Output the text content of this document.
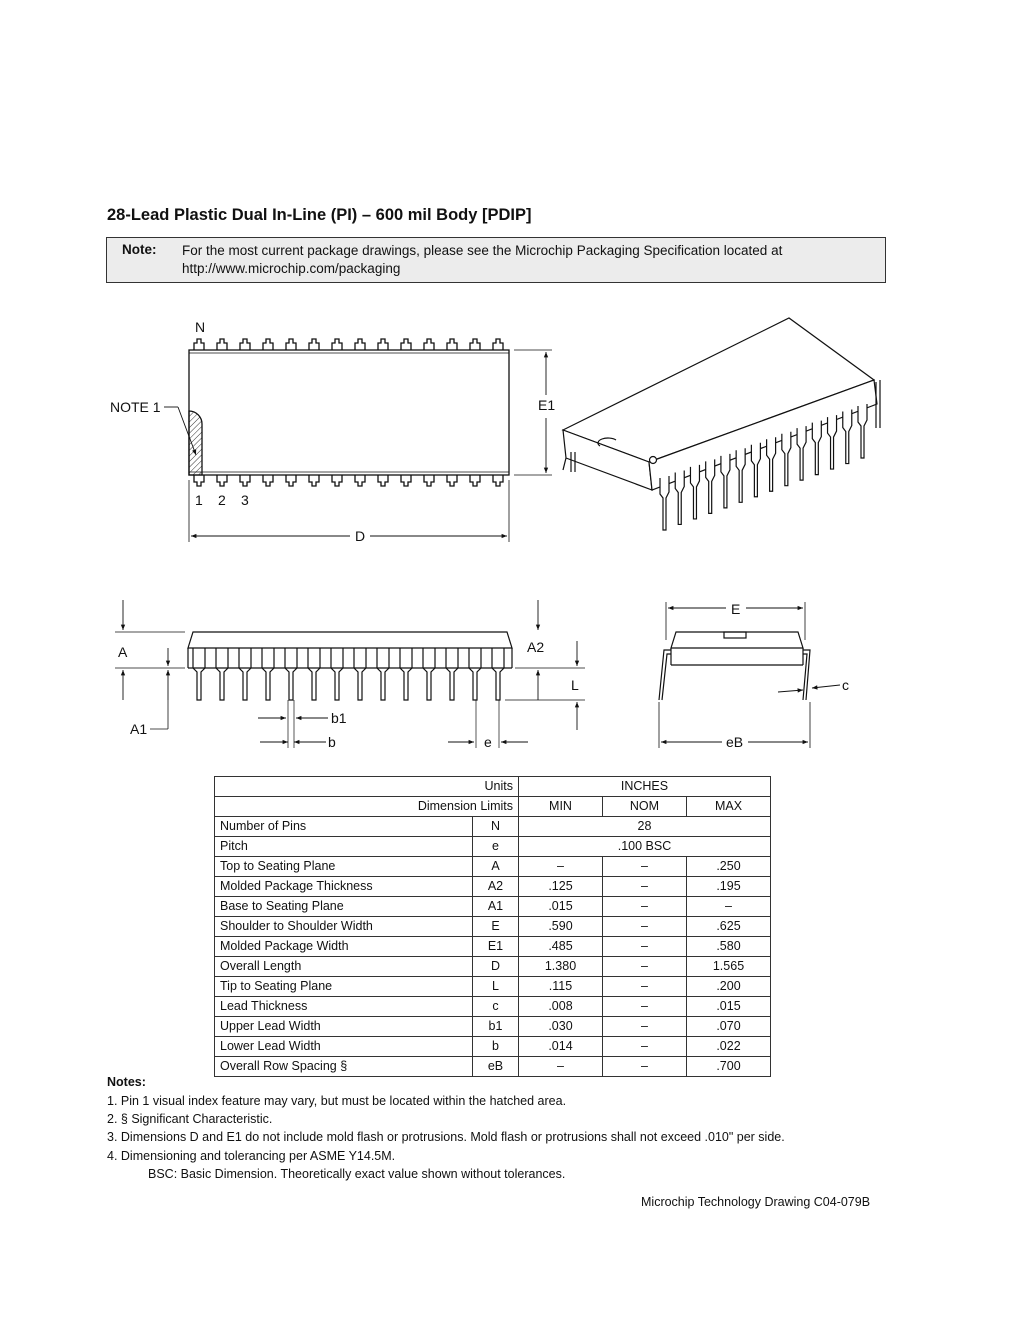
28-Lead Plastic Dual In-Line (PI) – 600 mil Body [PDIP]
Note: For the most current package drawings, please see the Microchip Packaging Specification located at
http://www.microchip.com/packaging
N
NOTE 1	E1
1 2 3
D
A
A1
A2
L
b1
b	e
E
c
eB
Units		INCHES		
Dimension Limits		MIN	NOM	MAX
Number of Pins	N	28		
Pitch	e	.100 BSC		
Top to Seating Plane	A	–	–	.250
Molded Package Thickness	A2	.125	–	.195
Base to Seating Plane	A1	.015	–	–
Shoulder to Shoulder Width	E	.590	–	.625
Molded Package Width	E1	.485	–	.580
Overall Length	D	1.380	–	1.565
Tip to Seating Plane	L	.115	–	.200
Lead Thickness	c	.008	–	.015
Upper Lead Width	b1	.030	–	.070
Lower Lead Width	b	.014	–	.022
Overall Row Spacing §	eB	–	–	.700
Notes:
1. Pin 1 visual index feature may vary, but must be located within the hatched area.
2. § Significant Characteristic.
3. Dimensions D and E1 do not include mold flash or protrusions. Mold flash or protrusions shall not exceed .010" per side.
4. Dimensioning and tolerancing per ASME Y14.5M.
BSC: Basic Dimension. Theoretically exact value shown without tolerances.
Microchip Technology Drawing C04-079B
